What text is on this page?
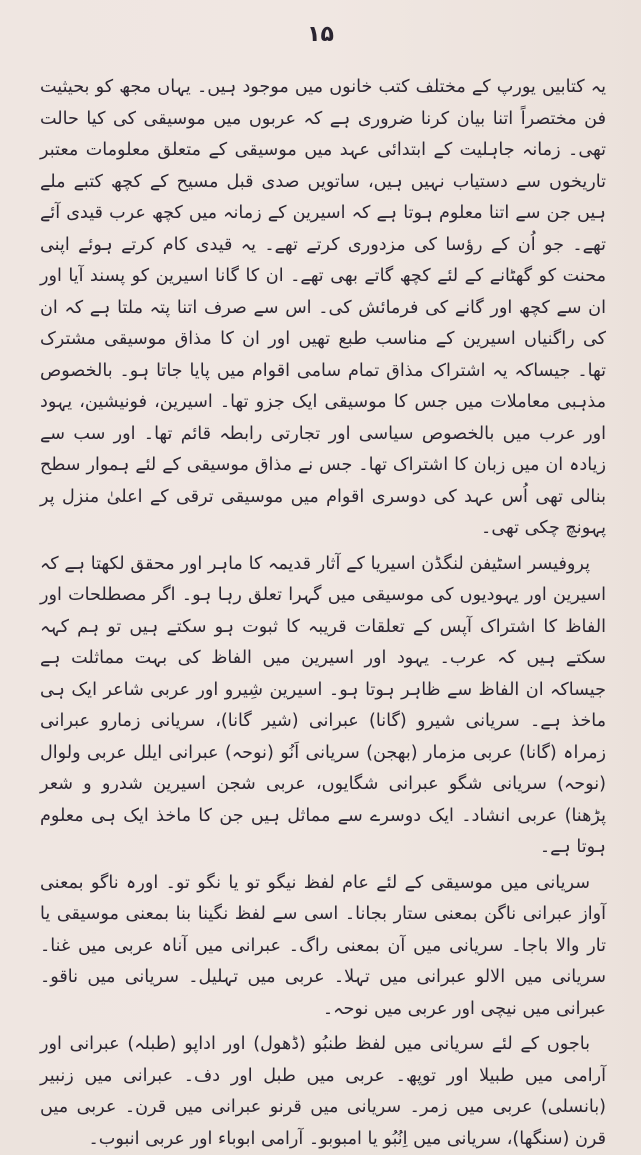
۱۵

یہ کتابیں یورپ کے مختلف کتب خانوں میں موجود ہیں۔ یہاں مجھ کو بحیثیت فن مختصراً اتنا بیان کرنا ضروری ہے کہ عربوں میں موسیقی کی کیا حالت تھی۔ زمانہ جاہلیت کے ابتدائی عہد میں موسیقی کے متعلق معلومات معتبر تاریخوں سے دستیاب نہیں ہیں، ساتویں صدی قبل مسیح کے کچھ کتبے ملے ہیں جن سے اتنا معلوم ہوتا ہے کہ اسیرین کے زمانہ میں کچھ عرب قیدی آئے تھے۔ جو اُن کے رؤسا کی مزدوری کرتے تھے۔ یہ قیدی کام کرتے ہوئے اپنی محنت کو گھٹانے کے لئے کچھ گاتے بھی تھے۔ ان کا گانا اسیرین کو پسند آیا اور ان سے کچھ اور گانے کی فرمائش کی۔ اس سے صرف اتنا پتہ ملتا ہے کہ ان کی راگنیاں اسیرین کے مناسب طبع تھیں اور ان کا مذاق موسیقی مشترک تھا۔ جیساکہ یہ اشتراک مذاق تمام سامی اقوام میں پایا جاتا ہو۔ بالخصوص مذہبی معاملات میں جس کا موسیقی ایک جزو تھا۔ اسیرین، فونیشین، یہود اور عرب میں بالخصوص سیاسی اور تجارتی رابطہ قائم تھا۔ اور سب سے زیادہ ان میں زبان کا اشتراک تھا۔ جس نے مذاق موسیقی کے لئے ہموار سطح بنالی تھی اُس عہد کی دوسری اقوام میں موسیقی ترقی کے اعلیٰ منزل پر پہونچ چکی تھی۔

پروفیسر اسٹیفن لنگڈن اسیریا کے آثار قدیمہ کا ماہر اور محقق لکھتا ہے کہ اسیرین اور یہودیوں کی موسیقی میں گہرا تعلق رہا ہو۔ اگر مصطلحات اور الفاظ کا اشتراک آپس کے تعلقات قریبہ کا ثبوت ہو سکتے ہیں تو ہم کہہ سکتے ہیں کہ عرب۔ یہود اور اسیرین میں الفاظ کی بہت مماثلت ہے جیساکہ ان الفاظ سے ظاہر ہوتا ہو۔ اسیرین شِیرو اور عربی شاعر ایک ہی ماخذ ہے۔ سریانی شیرو (گانا) عبرانی (شیر گانا)، سریانی زمارو عبرانی زمراہ (گانا) عربی مزمار (بھجن) سریانی اَنُو (نوحہ) عبرانی ایلل عربی ولوال (نوحہ) سریانی شگو عبرانی شگایوں، عربی شجن اسیرین شدرو و شعر پڑھنا) عربی انشاد۔ ایک دوسرے سے مماثل ہیں جن کا ماخذ ایک ہی معلوم ہوتا ہے۔

سریانی میں موسیقی کے لئے عام لفظ نیگو تو یا نگو تو۔ اورہ ناگو بمعنی آواز عبرانی ناگن بمعنی ستار بجانا۔ اسی سے لفظ نگینا بنا بمعنی موسیقی یا تار والا باجا۔ سریانی میں آن بمعنی راگ۔ عبرانی میں آناہ عربی میں غنا۔ سریانی میں الالو عبرانی میں تہلا۔ عربی میں تہلیل۔ سریانی میں ناقو۔ عبرانی میں نیچی اور عربی میں نوحہ۔

باجوں کے لئے سریانی میں لفظ طنبُو (ڈھول) اور اداپو (طبلہ) عبرانی اور آرامی میں طبیلا اور توپھ۔ عربی میں طبل اور دف۔ عبرانی میں زنبیر (بانسلی) عربی میں زمر۔ سریانی میں قرنو عبرانی میں قرن۔ عربی میں قرن (سنگھا)، سریانی میں اِنُبُو یا امبوبو۔ آرامی ابوباء اور عربی انبوب۔
